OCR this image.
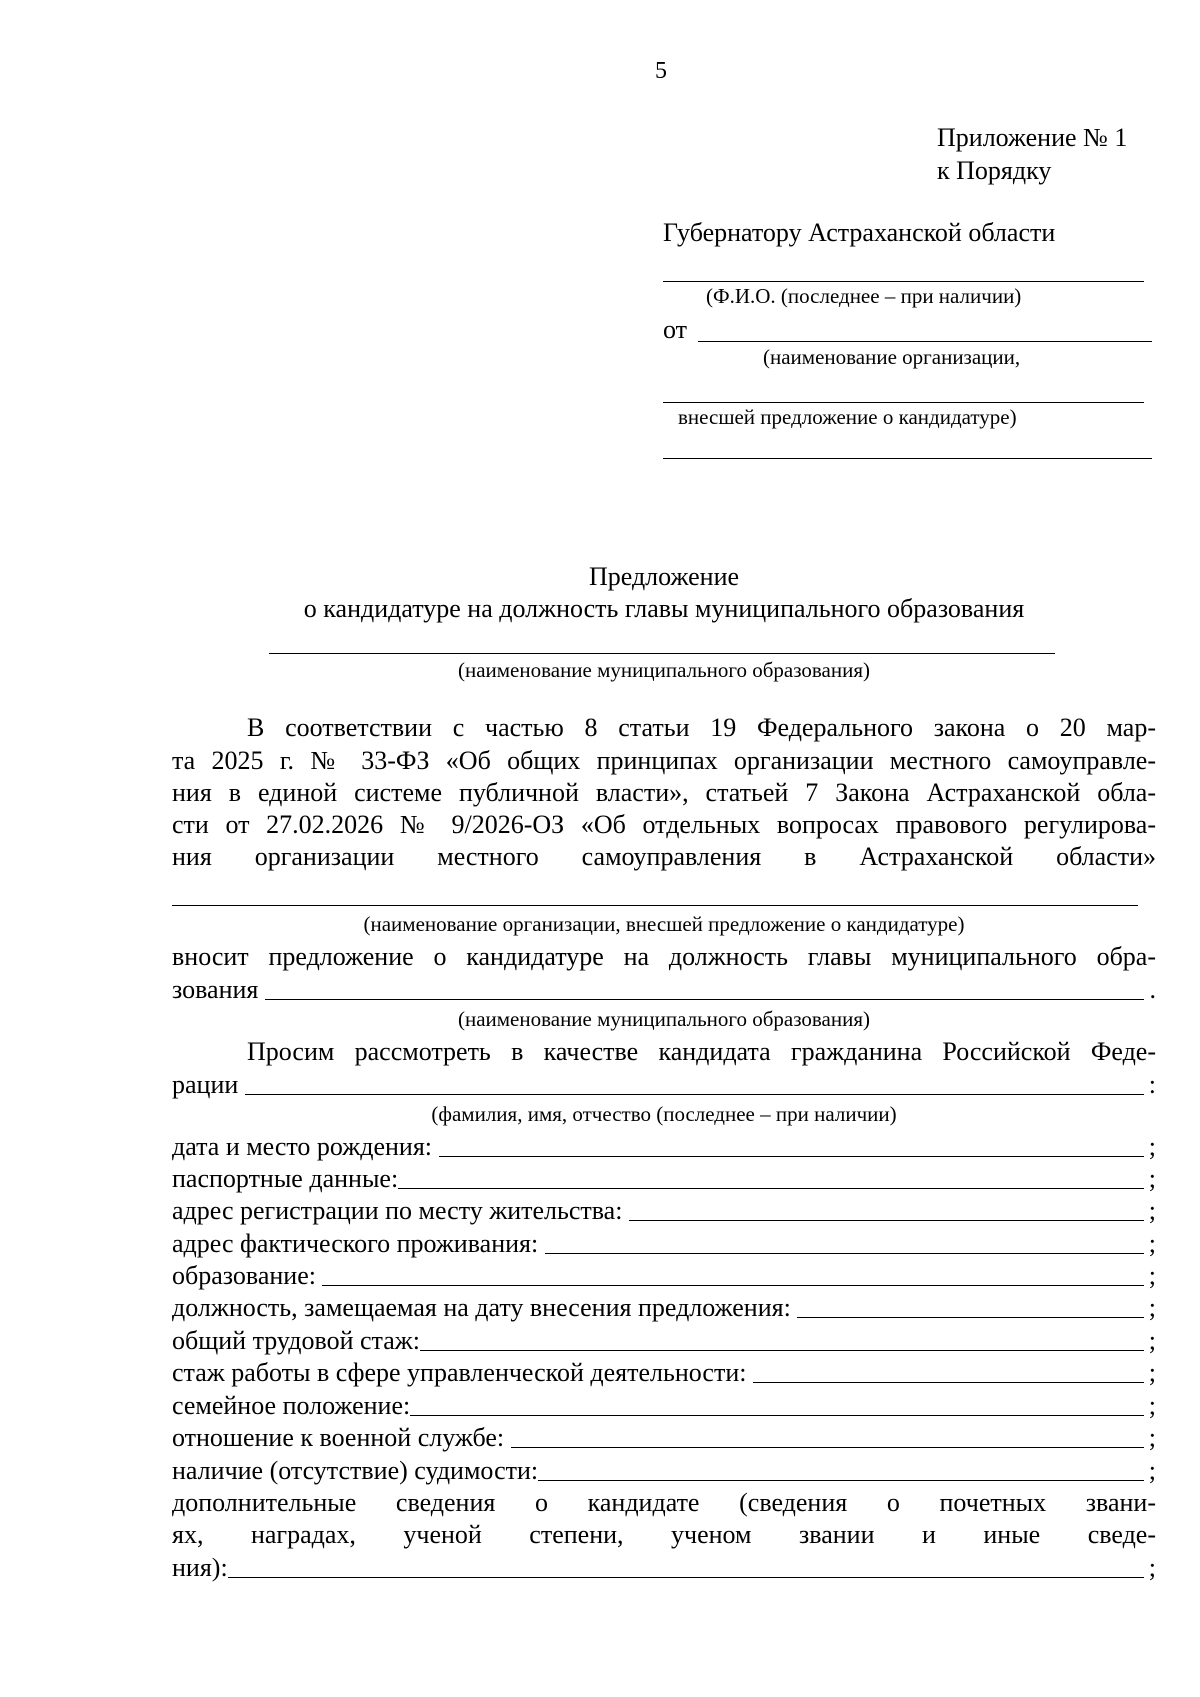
5
Приложение № 1
к Порядку
Губернатору Астраханской области
(Ф.И.О. (последнее – при наличии)
от
(наименование организации,
внесшей предложение о кандидатуре)
Предложение
о кандидатуре на должность главы муниципального образования
(наименование муниципального образования)
В соответствии с частью 8 статьи 19 Федерального закона о 20 мар-
та 2025 г. № 33-ФЗ «Об общих принципах организации местного самоуправле-
ния в единой системе публичной власти», статьей 7 Закона Астраханской обла-
сти от 27.02.2026 № 9/2026-ОЗ «Об отдельных вопросах правового регулирова-
ния организации местного самоуправления в Астраханской области»
(наименование организации, внесшей предложение о кандидатуре)
вносит предложение о кандидатуре на должность главы муниципального обра-
зования	.
(наименование муниципального образования)
Просим рассмотреть в качестве кандидата гражданина Российской Феде-
рации	:
(фамилия, имя, отчество (последнее – при наличии)
дата и место рождения:	;
паспортные данные:	;
адрес регистрации по месту жительства:	;
адрес фактического проживания:	;
образование:	;
должность, замещаемая на дату внесения предложения:	;
общий трудовой стаж:	;
стаж работы в сфере управленческой деятельности:	;
семейное положение:	;
отношение к военной службе:	;
наличие (отсутствие) судимости:	;
дополнительные сведения о кандидате (сведения о почетных звани-
ях, наградах, ученой степени, ученом звании и иные сведе-
ния):	;
